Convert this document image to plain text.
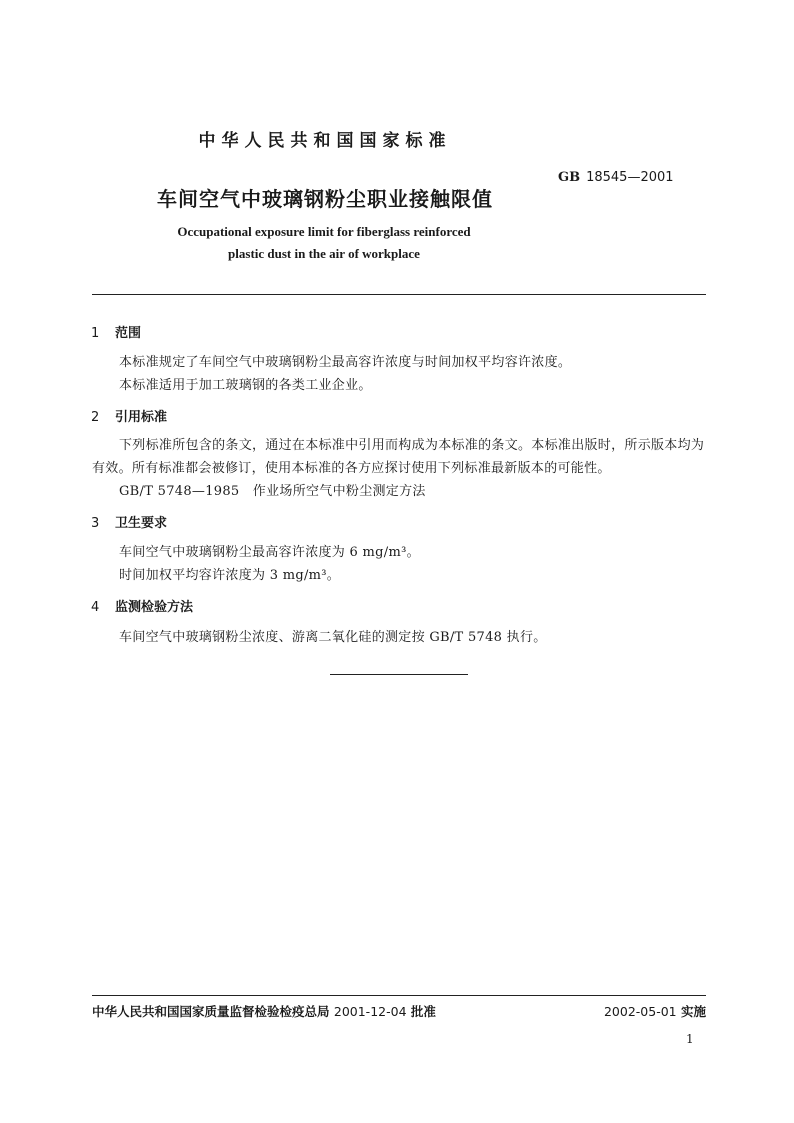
中华人民共和国国家标准
GB 18545—2001
车间空气中玻璃钢粉尘职业接触限值
Occupational exposure limit for fiberglass reinforced
plastic dust in the air of workplace
1 范围
本标准规定了车间空气中玻璃钢粉尘最高容许浓度与时间加权平均容许浓度。
本标准适用于加工玻璃钢的各类工业企业。
2 引用标准
下列标准所包含的条文，通过在本标准中引用而构成为本标准的条文。本标准出版时，所示版本均为有效。所有标准都会被修订，使用本标准的各方应探讨使用下列标准最新版本的可能性。
GB/T 5748—1985　作业场所空气中粉尘测定方法
3 卫生要求
车间空气中玻璃钢粉尘最高容许浓度为 6 mg/m³。
时间加权平均容许浓度为 3 mg/m³。
4 监测检验方法
车间空气中玻璃钢粉尘浓度、游离二氧化硅的测定按 GB/T 5748 执行。
中华人民共和国国家质量监督检验检疫总局 2001-12-04 批准	2002-05-01 实施
1
